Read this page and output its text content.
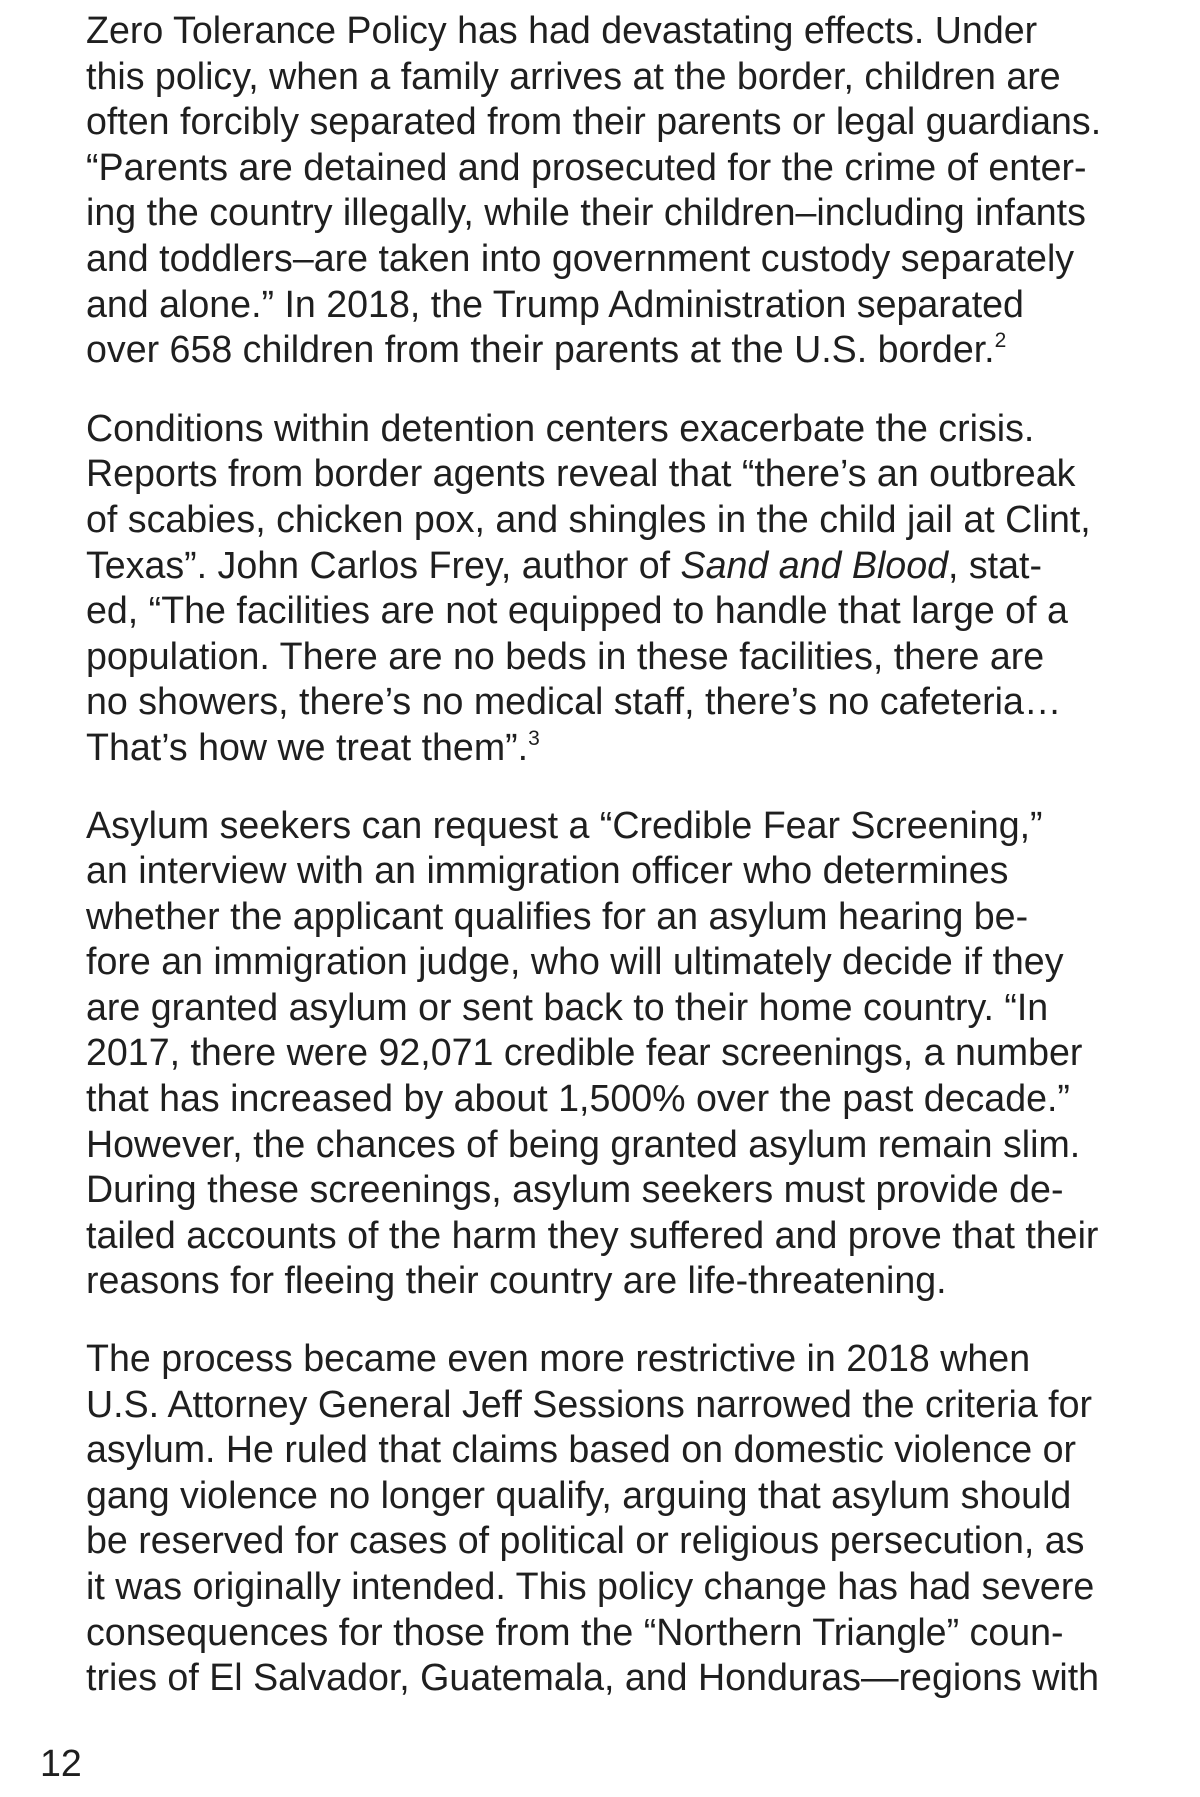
Zero Tolerance Policy has had devastating effects. Under
this policy, when a family arrives at the border, children are
often forcibly separated from their parents or legal guardians.
“Parents are detained and prosecuted for the crime of enter-
ing the country illegally, while their children–including infants
and toddlers–are taken into government custody separately
and alone.” In 2018, the Trump Administration separated
over 658 children from their parents at the U.S. border.$^2$

Conditions within detention centers exacerbate the crisis.
Reports from border agents reveal that “there’s an outbreak
of scabies, chicken pox, and shingles in the child jail at Clint,
Texas”. John Carlos Frey, author of Sand and Blood, stat-
ed, “The facilities are not equipped to handle that large of a
population. There are no beds in these facilities, there are
no showers, there’s no medical staff, there’s no cafeteria…
That’s how we treat them”.$^3$

Asylum seekers can request a “Credible Fear Screening,”
an interview with an immigration officer who determines
whether the applicant qualifies for an asylum hearing be-
fore an immigration judge, who will ultimately decide if they
are granted asylum or sent back to their home country. “In
2017, there were 92,071 credible fear screenings, a number
that has increased by about 1,500% over the past decade.”
However, the chances of being granted asylum remain slim.
During these screenings, asylum seekers must provide de-
tailed accounts of the harm they suffered and prove that their
reasons for fleeing their country are life-threatening.

The process became even more restrictive in 2018 when
U.S. Attorney General Jeff Sessions narrowed the criteria for
asylum. He ruled that claims based on domestic violence or
gang violence no longer qualify, arguing that asylum should
be reserved for cases of political or religious persecution, as
it was originally intended. This policy change has had severe
consequences for those from the “Northern Triangle” coun-
tries of El Salvador, Guatemala, and Honduras—regions with

12
